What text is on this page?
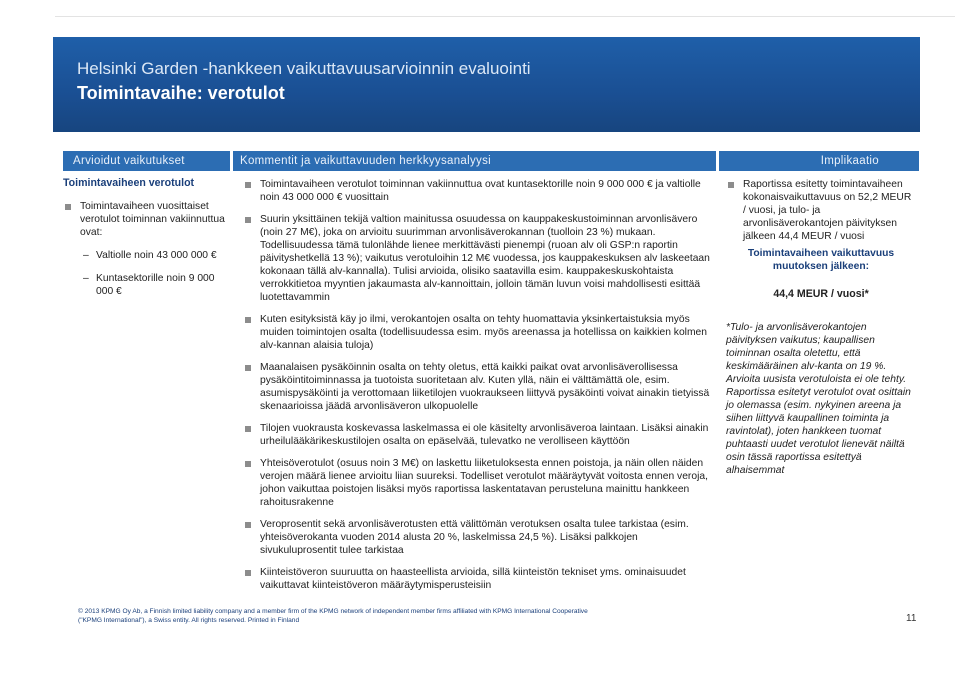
Helsinki Garden -hankkeen vaikuttavuusarvioinnin evaluointi
Toimintavaihe: verotulot
Arvioidut vaikutukset	Kommentit ja vaikuttavuuden herkkyysanalyysi	Implikaatio
Toimintavaiheen verotulot
Toimintavaiheen vuosittaiset verotulot toiminnan vakiinnuttua ovat:
– Valtiolle noin 43 000 000 €
– Kuntasektorille noin 9 000 000 €
Toimintavaiheen verotulot toiminnan vakiinnuttua ovat kuntasektorille noin 9 000 000 € ja valtiolle noin 43 000 000 € vuosittain
Suurin yksittäinen tekijä valtion mainitussa osuudessa on kauppakeskustoiminnan arvonlisävero (noin 27 M€), joka on arvioitu suurimman arvonlisäverokannan (tuolloin 23 %) mukaan. Todellisuudessa tämä tulonlähde lienee merkittävästi pienempi (ruoan alv oli GSP:n raportin päivityshetkellä 13 %); vaikutus verotuloihin 12 M€ vuodessa, jos kauppakeskuksen alv laskeetaan kokonaan tällä alv-kannalla). Tulisi arvioida, olisiko saatavilla esim. kauppakeskuskohtaista verrokkitietoa myyntien jakaumasta alv-kannoittain, jolloin tämän luvun voisi mahdollisesti esittää luotettavammin
Kuten esityksistä käy jo ilmi, verokantojen osalta on tehty huomattavia yksinkertaistuksia myös muiden toimintojen osalta (todellisuudessa esim. myös areenassa ja hotellissa on kaikkien kolmen alv-kannan alaisia tuloja)
Maanalaisen pysäköinnin osalta on tehty oletus, että kaikki paikat ovat arvonlisäverollisessa pysäköintitoiminnassa ja tuotoista suoritetaan alv. Kuten yllä, näin ei välttämättä ole, esim. asumispysäköinti ja verottomaan liiketilojen vuokraukseen liittyvä pysäköinti voivat ainakin tietyissä skenaarioissa jäädä arvonlisäveron ulkopuolelle
Tilojen vuokrausta koskevassa laskelmassa ei ole käsitelty arvonlisäveroa laintaan. Lisäksi ainakin urheilulääkärikeskustilojen osalta on epäselvää, tulevatko ne verolliseen käyttöön
Yhteisöverotulot (osuus noin 3 M€) on laskettu liiketuloksesta ennen poistoja, ja näin ollen näiden verojen määrä lienee arvioitu liian suureksi. Todelliset verotulot määräytyvät voitosta ennen veroja, johon vaikuttaa poistojen lisäksi myös raportissa laskentatavan perusteluna mainittu hankkeen rahoitusrakenne
Veroprosentit sekä arvonlisäverotusten että välittömän verotuksen osalta tulee tarkistaa (esim. yhteisöverokanta vuoden 2014 alusta 20 %, laskelmissa 24,5 %). Lisäksi palkkojen sivukuluprosentit tulee tarkistaa
Kiinteistöveron suuruutta on haasteellista arvioida, sillä kiinteistön tekniset yms. ominaisuudet vaikuttavat kiinteistöveron määräytymisperusteisiin
Raportissa esitetty toimintavaiheen kokonaisvaikuttavuus on 52,2 MEUR / vuosi, ja tulo- ja arvonlisäverokantojen päivityksen jälkeen 44,4 MEUR / vuosi
Toimintavaiheen vaikuttavuus muutoksen jälkeen:
44,4 MEUR / vuosi*
*Tulo- ja arvonlisäverokantojen päivityksen vaikutus; kaupallisen toiminnan osalta oletettu, että keskimääräinen alv-kanta on 19 %. Arvioita uusista verotuloista ei ole tehty. Raportissa esitetyt verotulot ovat osittain jo olemassa (esim. nykyinen areena ja siihen liittyvä kaupallinen toiminta ja ravintolat), joten hankkeen tuomat puhtaasti uudet verotulot lienevät näiltä osin tässä raportissa esitettyä alhaisemmat
© 2013 KPMG Oy Ab, a Finnish limited liability company and a member firm of the KPMG network of independent member firms affiliated with KPMG International Cooperative
("KPMG International"), a Swiss entity. All rights reserved. Printed in Finland	11
